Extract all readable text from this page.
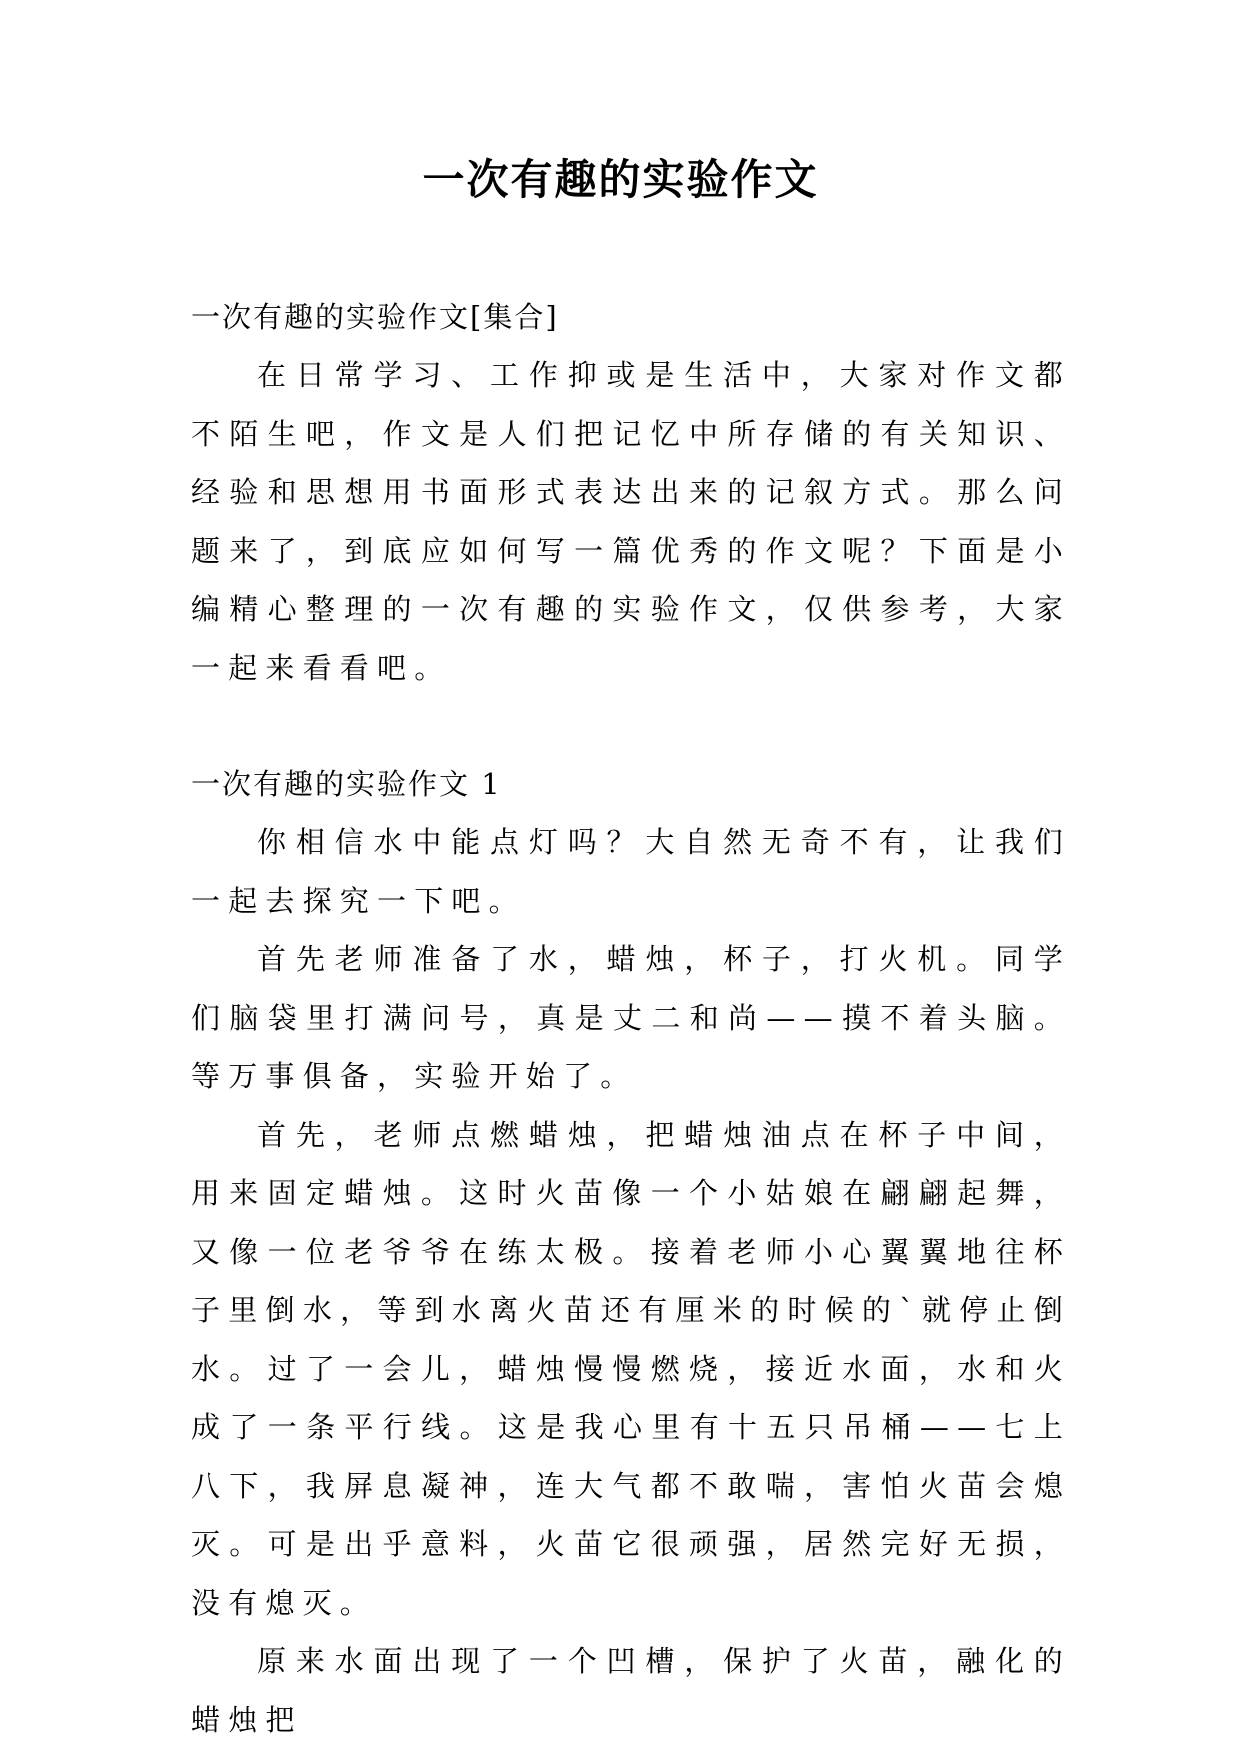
一次有趣的实验作文
一次有趣的实验作文[集合]

在日常学习、工作抑或是生活中，大家对作文都不陌生吧，作文是人们把记忆中所存储的有关知识、经验和思想用书面形式表达出来的记叙方式。那么问题来了，到底应如何写一篇优秀的作文呢？下面是小编精心整理的一次有趣的实验作文，仅供参考，大家一起来看看吧。

一次有趣的实验作文 1

你相信水中能点灯吗？大自然无奇不有，让我们一起去探究一下吧。

首先老师准备了水，蜡烛，杯子，打火机。同学们脑袋里打满问号，真是丈二和尚——摸不着头脑。等万事俱备，实验开始了。

首先，老师点燃蜡烛，把蜡烛油点在杯子中间，用来固定蜡烛。这时火苗像一个小姑娘在翩翩起舞，又像一位老爷爷在练太极。接着老师小心翼翼地往杯子里倒水，等到水离火苗还有厘米的时候的`就停止倒水。过了一会儿，蜡烛慢慢燃烧，接近水面，水和火成了一条平行线。这是我心里有十五只吊桶——七上八下，我屏息凝神，连大气都不敢喘，害怕火苗会熄灭。可是出乎意料，火苗它很顽强，居然完好无损，没有熄灭。

原来水面出现了一个凹槽，保护了火苗，融化的蜡烛把
